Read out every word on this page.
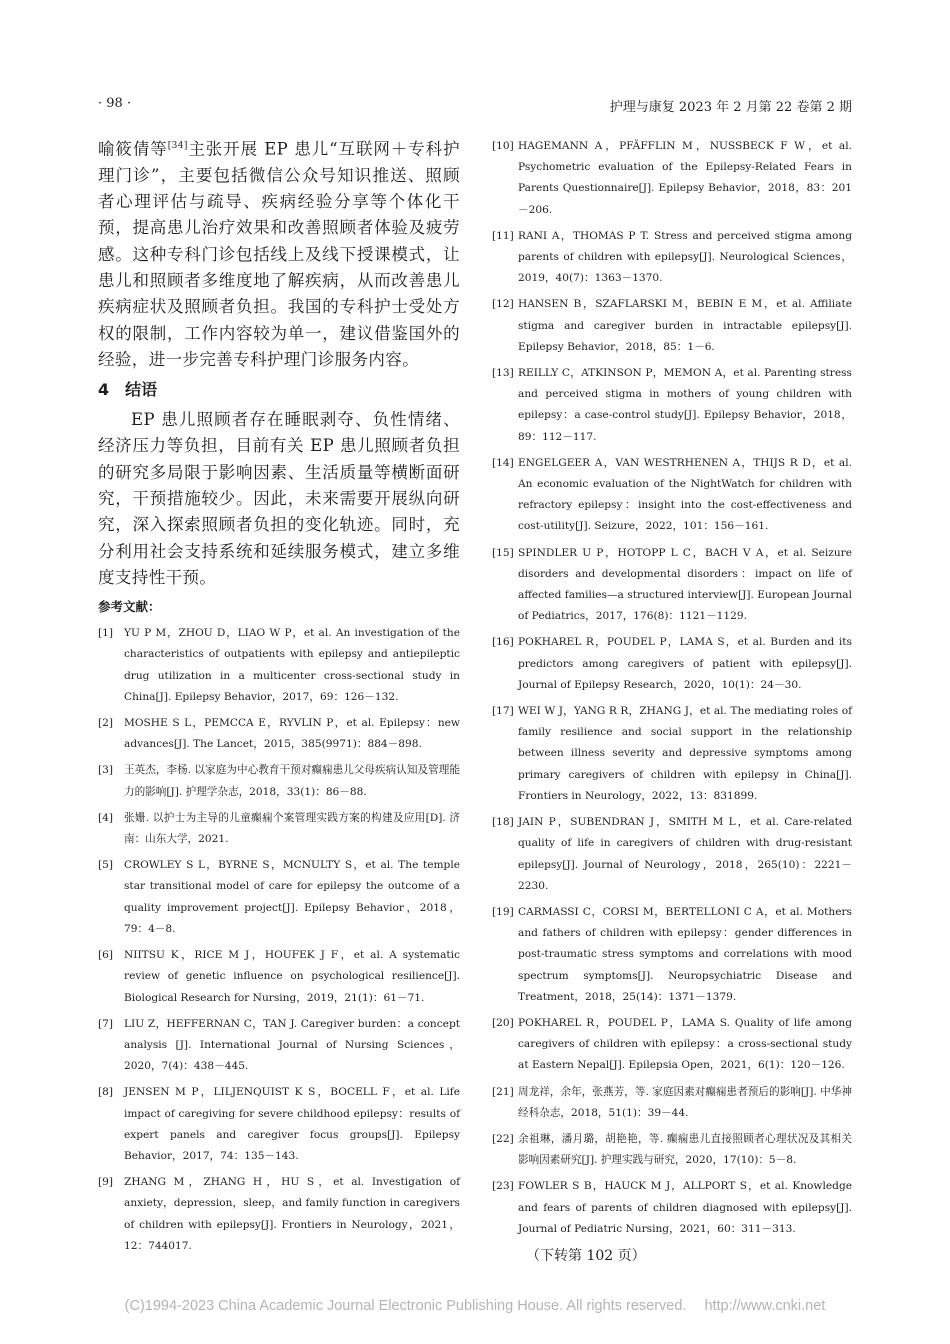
· 98 ·	护理与康复 2023 年 2 月第 22 卷第 2 期

喻筱倩等[34]主张开展 EP 患儿“互联网＋专科护理门诊”，主要包括微信公众号知识推送、照顾者心理评估与疏导、疾病经验分享等个体化干预，提高患儿治疗效果和改善照顾者体验及疲劳感。这种专科门诊包括线上及线下授课模式，让患儿和照顾者多维度地了解疾病，从而改善患儿疾病症状及照顾者负担。我国的专科护士受处方权的限制，工作内容较为单一，建议借鉴国外的经验，进一步完善专科护理门诊服务内容。

4 结语

EP 患儿照顾者存在睡眠剥夺、负性情绪、经济压力等负担，目前有关 EP 患儿照顾者负担的研究多局限于影响因素、生活质量等横断面研究，干预措施较少。因此，未来需要开展纵向研究，深入探索照顾者负担的变化轨迹。同时，充分利用社会支持系统和延续服务模式，建立多维度支持性干预。

参考文献：
[1]	YU P M，ZHOU D，LIAO W P，et al. An investigation of the characteristics of outpatients with epilepsy and antiepileptic drug utilization in a multicenter cross-sectional study in China[J]. Epilepsy Behavior，2017，69：126－132.
[2]	MOSHE S L，PEMCCA E，RYVLIN P，et al. Epilepsy：new advances[J]. The Lancet，2015，385(9971)：884－898.
[3]	王英杰，李杨. 以家庭为中心教育干预对癫痫患儿父母疾病认知及管理能力的影响[J]. 护理学杂志，2018，33(1)：86－88.
[4]	张姗. 以护士为主导的儿童癫痫个案管理实践方案的构建及应用[D]. 济南：山东大学，2021.
[5]	CROWLEY S L，BYRNE S，MCNULTY S，et al. The temple star transitional model of care for epilepsy the outcome of a quality improvement project[J]. Epilepsy Behavior，2018，79：4－8.
[6]	NIITSU K，RICE M J，HOUFEK J F，et al. A systematic review of genetic influence on psychological resilience[J]. Biological Research for Nursing，2019，21(1)：61－71.
[7]	LIU Z，HEFFERNAN C，TAN J. Caregiver burden：a concept analysis [J]. International Journal of Nursing Sciences，2020，7(4)：438－445.
[8]	JENSEN M P，LILJENQUIST K S，BOCELL F，et al. Life impact of caregiving for severe childhood epilepsy：results of expert panels and caregiver focus groups[J]. Epilepsy Behavior，2017，74：135－143.
[9]	ZHANG M，ZHANG H，HU S，et al. Investigation of anxiety，depression，sleep，and family function in caregivers of children with epilepsy[J]. Frontiers in Neurology，2021，12：744017.
[10] HAGEMANN A，PFÄFFLIN M，NUSSBECK F W，et al. Psychometric evaluation of the Epilepsy-Related Fears in Parents Questionnaire[J]. Epilepsy Behavior，2018，83：201－206.
[11] RANI A，THOMAS P T. Stress and perceived stigma among parents of children with epilepsy[J]. Neurological Sciences，2019，40(7)：1363－1370.
[12] HANSEN B，SZAFLARSKI M，BEBIN E M，et al. Affiliate stigma and caregiver burden in intractable epilepsy[J]. Epilepsy Behavior，2018，85：1－6.
[13] REILLY C，ATKINSON P，MEMON A，et al. Parenting stress and perceived stigma in mothers of young children with epilepsy：a case-control study[J]. Epilepsy Behavior，2018，89：112－117.
[14] ENGELGEER A，VAN WESTRHENEN A，THIJS R D，et al. An economic evaluation of the NightWatch for children with refractory epilepsy：insight into the cost-effectiveness and cost-utility[J]. Seizure，2022，101：156－161.
[15] SPINDLER U P，HOTOPP L C，BACH V A，et al. Seizure disorders and developmental disorders：impact on life of affected families—a structured interview[J]. European Journal of Pediatrics，2017，176(8)：1121－1129.
[16] POKHAREL R，POUDEL P，LAMA S，et al. Burden and its predictors among caregivers of patient with epilepsy[J]. Journal of Epilepsy Research，2020，10(1)：24－30.
[17] WEI W J，YANG R R，ZHANG J，et al. The mediating roles of family resilience and social support in the relationship between illness severity and depressive symptoms among primary caregivers of children with epilepsy in China[J]. Frontiers in Neurology，2022，13：831899.
[18] JAIN P，SUBENDRAN J，SMITH M L，et al. Care-related quality of life in caregivers of children with drug-resistant epilepsy[J]. Journal of Neurology，2018，265(10)：2221－2230.
[19] CARMASSI C，CORSI M，BERTELLONI C A，et al. Mothers and fathers of children with epilepsy：gender differences in post-traumatic stress symptoms and correlations with mood spectrum symptoms[J]. Neuropsychiatric Disease and Treatment，2018，25(14)：1371－1379.
[20] POKHAREL R，POUDEL P，LAMA S. Quality of life among caregivers of children with epilepsy：a cross-sectional study at Eastern Nepal[J]. Epilepsia Open，2021，6(1)：120－126.
[21] 周龙祥，余年，张燕芳，等. 家庭因素对癫痫患者预后的影响[J]. 中华神经科杂志，2018，51(1)：39－44.
[22] 余祖琳，潘月璐，胡艳艳，等. 癫痫患儿直接照顾者心理状况及其相关影响因素研究[J]. 护理实践与研究，2020，17(10)：5－8.
[23] FOWLER S B，HAUCK M J，ALLPORT S，et al. Knowledge and fears of parents of children diagnosed with epilepsy[J]. Journal of Pediatric Nursing，2021，60：311－313.
（下转第 102 页）
(C)1994-2023 China Academic Journal Electronic Publishing House. All rights reserved. http://www.cnki.net
